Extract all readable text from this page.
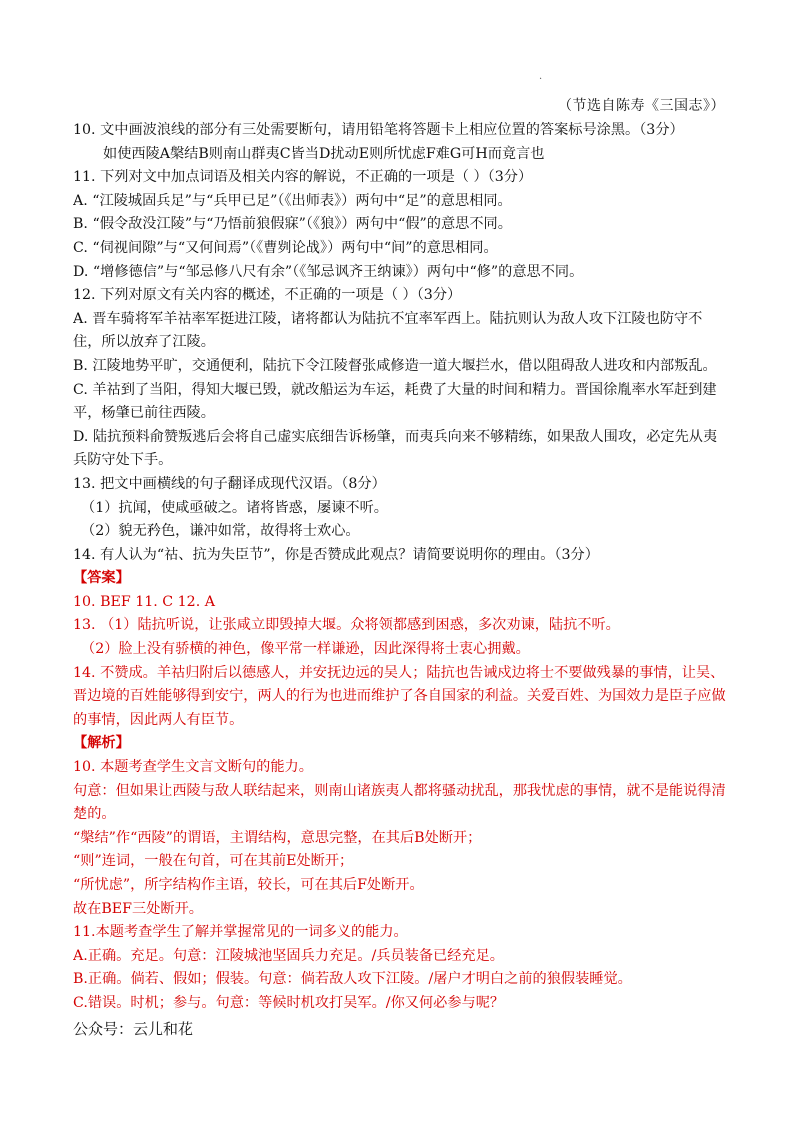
·
（节选自陈寿《三国志》）
10. 文中画波浪线的部分有三处需要断句，请用铅笔将答题卡上相应位置的答案标号涂黑。（3分）
如使西陵A槃结B则南山群夷C皆当D扰动E则所忧虑F难G可H而竟言也
11. 下列对文中加点词语及相关内容的解说，不正确的一项是（ ）（3分）
A. “江陵城固兵足”与“兵甲已足”（《出师表》）两句中“足”的意思相同。
B. “假令敌没江陵”与“乃悟前狼假寐”（《狼》）两句中“假”的意思不同。
C. “伺视间隙”与“又何间焉”（《曹刿论战》）两句中“间”的意思相同。
D. “增修德信”与“邹忌修八尺有余”（《邹忌讽齐王纳谏》）两句中“修”的意思不同。
12. 下列对原文有关内容的概述，不正确的一项是（ ）（3分）
A. 晋车骑将军羊祜率军挺进江陵，诸将都认为陆抗不宜率军西上。陆抗则认为敌人攻下江陵也防守不
住，所以放弃了江陵。
B. 江陵地势平旷，交通便利，陆抗下令江陵督张咸修造一道大堰拦水，借以阻碍敌人进攻和内部叛乱。
C. 羊祜到了当阳，得知大堰已毁，就改船运为车运，耗费了大量的时间和精力。晋国徐胤率水军赶到建
平，杨肇已前往西陵。
D. 陆抗预料俞赞叛逃后会将自己虚实底细告诉杨肇，而夷兵向来不够精练，如果敌人围攻，必定先从夷
兵防守处下手。
13. 把文中画横线的句子翻译成现代汉语。（8分）
（1）抗闻，使咸亟破之。诸将皆惑，屡谏不听。
（2）貌无矜色，谦冲如常，故得将士欢心。
14. 有人认为“祜、抗为失臣节”，你是否赞成此观点？请简要说明你的理由。（3分）
【答案】
10. BEF 11. C 12. A
13. （1）陆抗听说，让张咸立即毁掉大堰。众将领都感到困惑，多次劝谏，陆抗不听。
（2）脸上没有骄横的神色，像平常一样谦逊，因此深得将士衷心拥戴。
14. 不赞成。羊祜归附后以德感人，并安抚边远的吴人；陆抗也告诫戍边将士不要做残暴的事情，让吴、
晋边境的百姓能够得到安宁，两人的行为也进而维护了各自国家的利益。关爱百姓、为国效力是臣子应做
的事情，因此两人有臣节。
【解析】
10. 本题考查学生文言文断句的能力。
句意：但如果让西陵与敌人联结起来，则南山诸族夷人都将骚动扰乱，那我忧虑的事情，就不是能说得清
楚的。
“槃结”作“西陵”的谓语，主谓结构，意思完整，在其后B处断开；
“则”连词，一般在句首，可在其前E处断开；
“所忧虑”，所字结构作主语，较长，可在其后F处断开。
故在BEF三处断开。
11.本题考查学生了解并掌握常见的一词多义的能力。
A.正确。充足。句意：江陵城池坚固兵力充足。/兵员装备已经充足。
B.正确。倘若、假如；假装。句意：倘若敌人攻下江陵。/屠户才明白之前的狼假装睡觉。
C.错误。时机；参与。句意：等候时机攻打吴军。/你又何必参与呢？
公众号：云儿和花
